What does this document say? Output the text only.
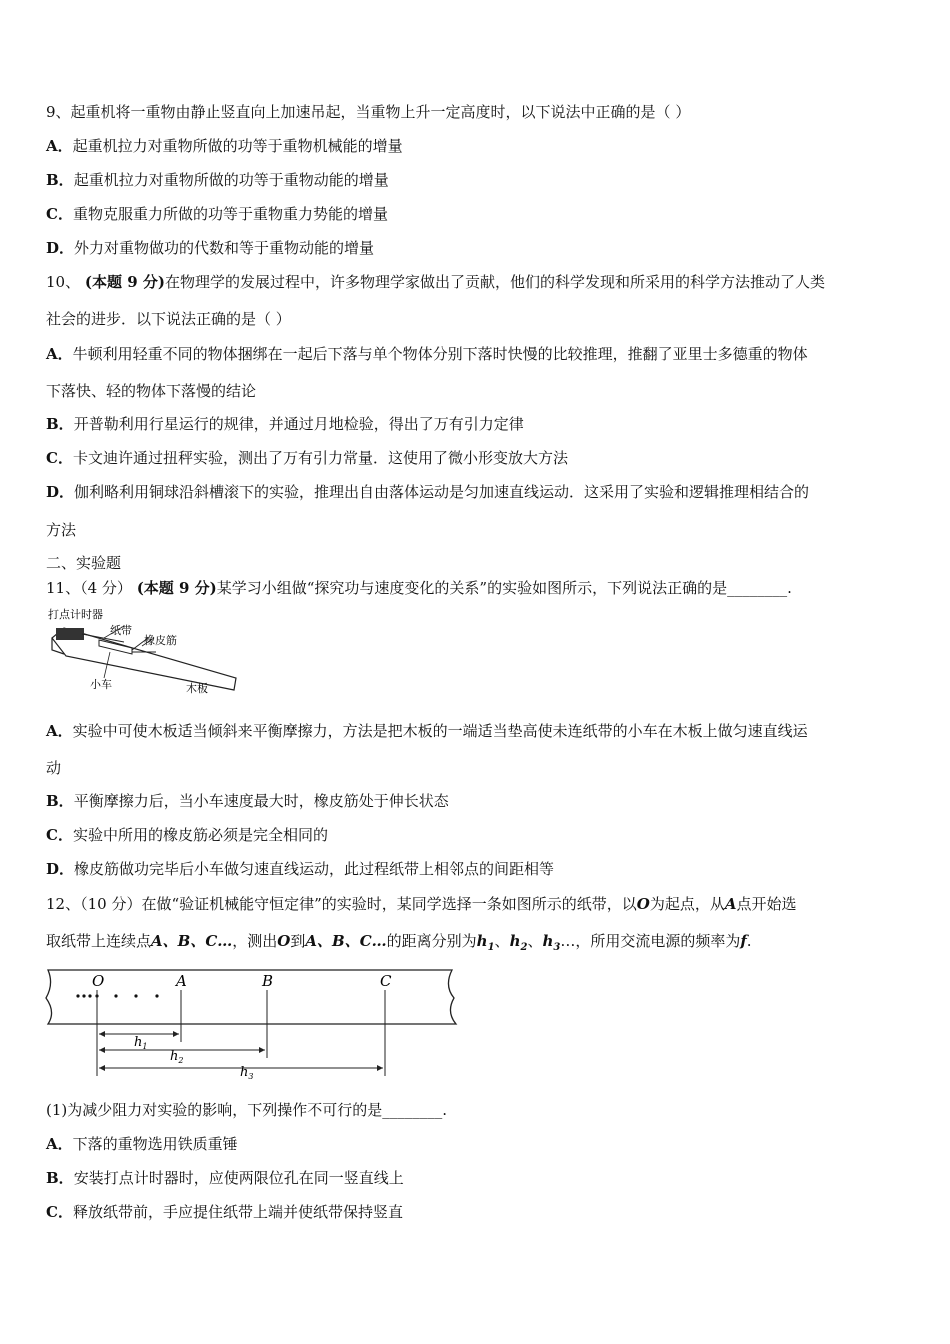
9、起重机将一重物由静止竖直向上加速吊起，当重物上升一定高度时，以下说法中正确的是（ ）
A．起重机拉力对重物所做的功等于重物机械能的增量
B．起重机拉力对重物所做的功等于重物动能的增量
C．重物克服重力所做的功等于重物重力势能的增量
D．外力对重物做功的代数和等于重物动能的增量
10、 (本题 9 分)在物理学的发展过程中，许多物理学家做出了贡献，他们的科学发现和所采用的科学方法推动了人类
社会的进步．以下说法正确的是（ ）
A．牛顿利用轻重不同的物体捆绑在一起后下落与单个物体分别下落时快慢的比较推理，推翻了亚里士多德重的物体
下落快、轻的物体下落慢的结论
B．开普勒利用行星运行的规律，并通过月地检验，得出了万有引力定律
C．卡文迪许通过扭秤实验，测出了万有引力常量．这使用了微小形变放大方法
D．伽利略利用铜球沿斜槽滚下的实验，推理出自由落体运动是匀加速直线运动．这采用了实验和逻辑推理相结合的
方法
二、实验题
11、（4 分） (本题 9 分)某学习小组做“探究功与速度变化的关系”的实验如图所示，下列说法正确的是________.
打点计时器
纸带
橡皮筋
小车	木板
A．实验中可使木板适当倾斜来平衡摩擦力，方法是把木板的一端适当垫高使未连纸带的小车在木板上做匀速直线运
动
B．平衡摩擦力后，当小车速度最大时，橡皮筋处于伸长状态
C．实验中所用的橡皮筋必须是完全相同的
D．橡皮筋做功完毕后小车做匀速直线运动，此过程纸带上相邻点的间距相等
12、（10 分）在做“验证机械能守恒定律”的实验时，某同学选择一条如图所示的纸带，以O为起点，从A点开始选
取纸带上连续点A、B、C…，测出O到A、B、C…的距离分别为$h_1$、$h_2$、$h_3\dots$，所用交流电源的频率为f.
O	A	B	C
$h_1$
$h_2$
$h_3$
(1)为减少阻力对实验的影响，下列操作不可行的是________.
A．下落的重物选用铁质重锤
B．安装打点计时器时，应使两限位孔在同一竖直线上
C．释放纸带前，手应提住纸带上端并使纸带保持竖直
